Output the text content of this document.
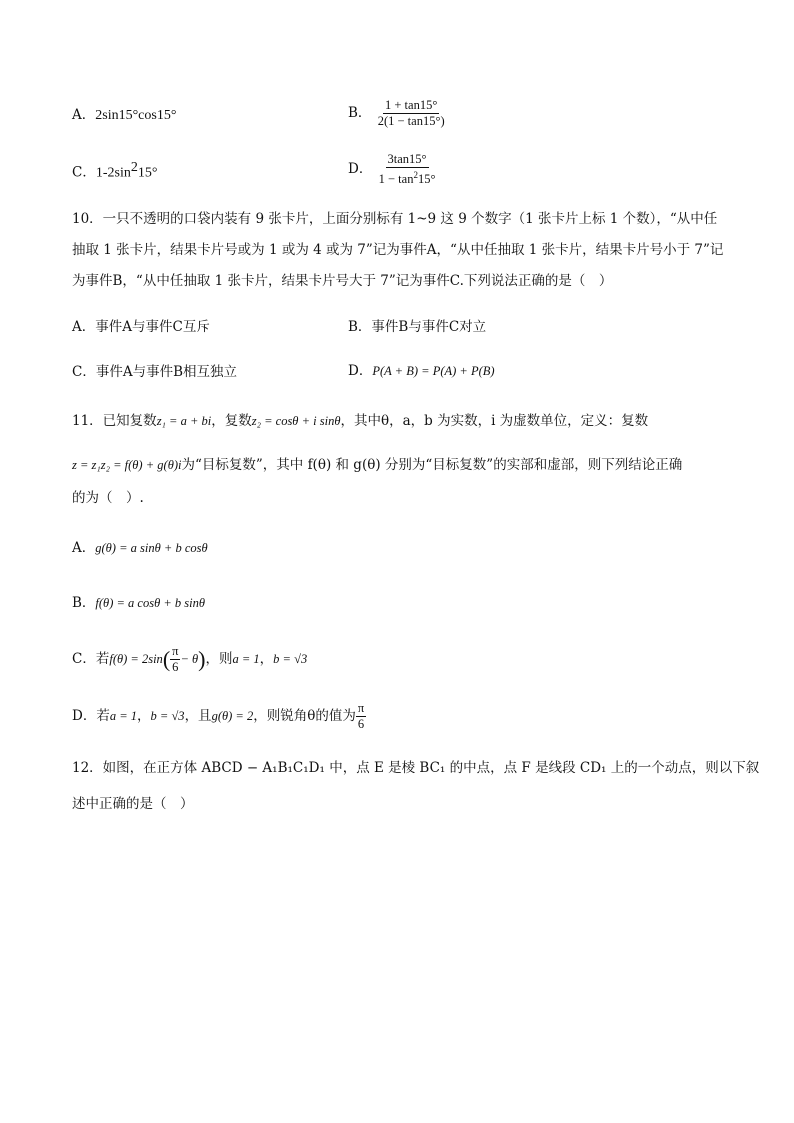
A．2sin15°cos15°	B． $\frac{1 + \tan 15^\circ}{2(1 - \tan 15^\circ)}$
C．$1-2\sin^215^\circ$	D． $\frac{3\tan 15^\circ}{1 - \tan^215^\circ}$
10．一只不透明的口袋内装有 9 张卡片，上面分别标有 1~9 这 9 个数字（1 张卡片上标 1 个数），“从中任
抽取 1 张卡片，结果卡片号或为 1 或为 4 或为 7”记为事件A，“从中任抽取 1 张卡片，结果卡片号小于 7”记
为事件B，“从中任抽取 1 张卡片，结果卡片号大于 7”记为事件C.下列说法正确的是（　）
A．事件A与事件C互斥	B．事件B与事件C对立
C．事件A与事件B相互独立	D．P(A + B) = P(A) + P(B)
11．已知复数z₁ = a + bi，复数z₂ = cosθ + i sinθ，其中θ，a，b 为实数，i 为虚数单位，定义：复数
z = z₁z₂ = f(θ) + g(θ)i为“目标复数”，其中 f(θ) 和 g(θ) 分别为“目标复数”的实部和虚部，则下列结论正确
的为（　）.
A．g(θ) = a sinθ + b cosθ
B．f(θ) = a cosθ + b sinθ
C．若$f(\theta) = 2\sin( \frac{\pi}{6} - \theta)$，则a = 1，b = √3
D．若a = 1，b = √3，且g(θ) = 2，则锐角θ的值为 $\frac{\pi}{6}$
12．如图，在正方体 ABCD − A₁B₁C₁D₁ 中，点 E 是棱 BC₁ 的中点，点 F 是线段 CD₁ 上的一个动点，则以下叙
述中正确的是（　）
